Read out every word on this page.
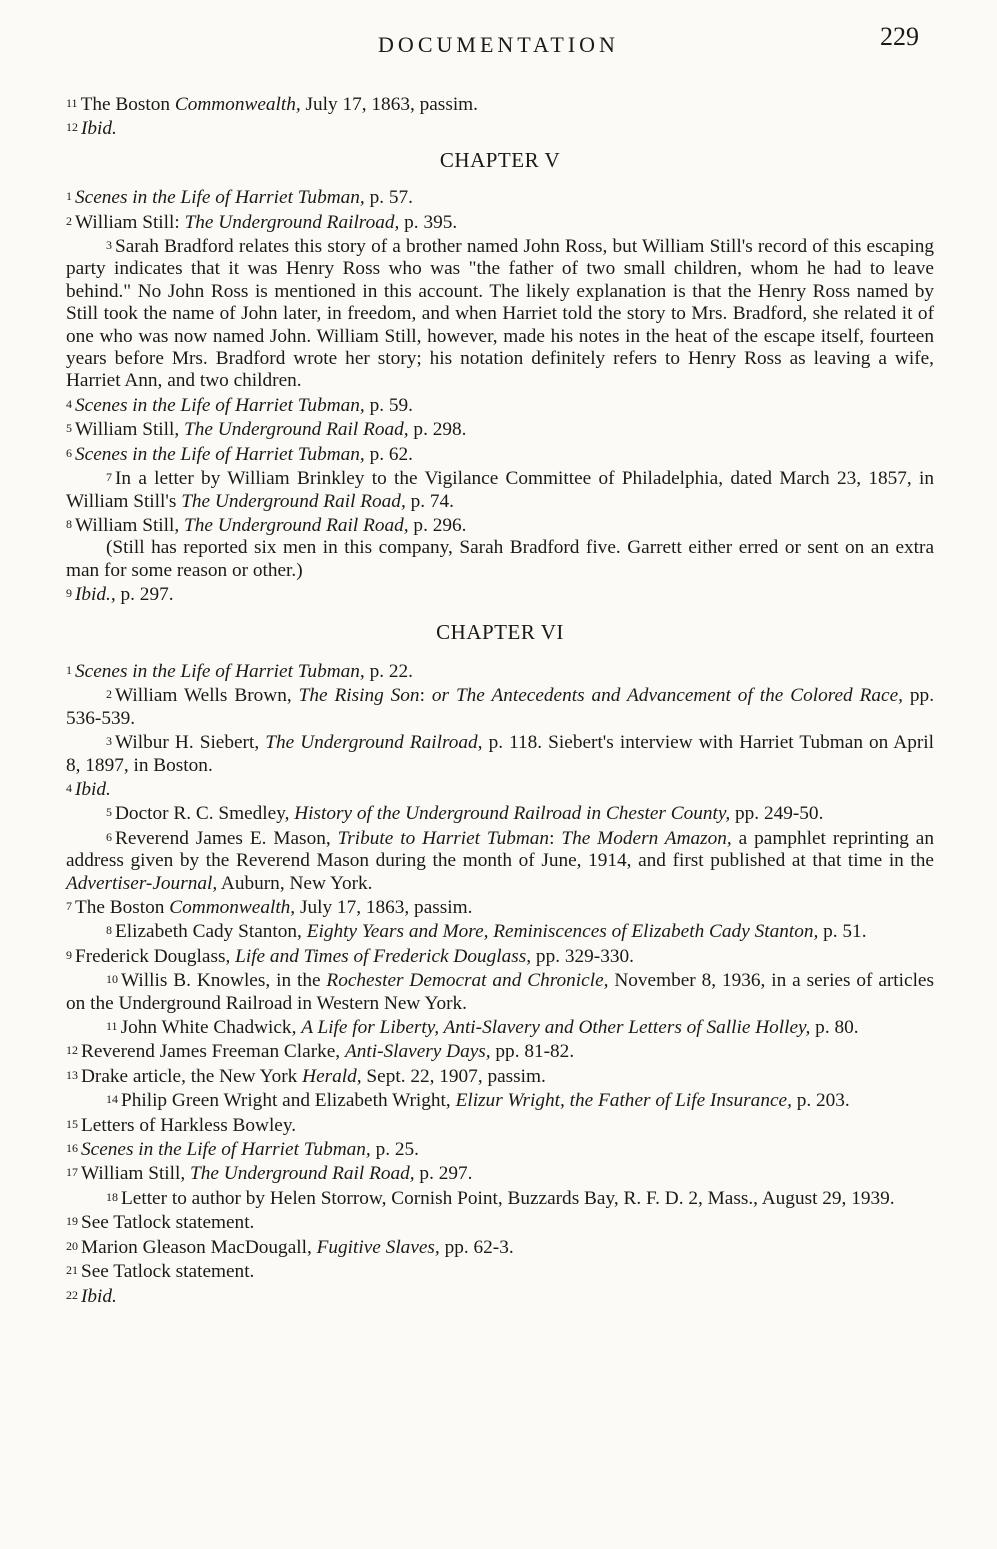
DOCUMENTATION	229

$^{11}$ The Boston Commonwealth, July 17, 1863, passim.

$^{12}$ Ibid.

CHAPTER V

$^1$ Scenes in the Life of Harriet Tubman, p. 57.

$^2$ William Still: The Underground Railroad, p. 395.

$^3$ Sarah Bradford relates this story of a brother named John Ross, but William Still's record of this escaping party indicates that it was Henry Ross who was "the father of two small children, whom he had to leave behind." No John Ross is mentioned in this account. The likely explanation is that the Henry Ross named by Still took the name of John later, in freedom, and when Harriet told the story to Mrs. Bradford, she related it of one who was now named John. William Still, however, made his notes in the heat of the escape itself, fourteen years before Mrs. Bradford wrote her story; his notation definitely refers to Henry Ross as leaving a wife, Harriet Ann, and two children.

$^4$ Scenes in the Life of Harriet Tubman, p. 59.

$^5$ William Still, The Underground Rail Road, p. 298.

$^6$ Scenes in the Life of Harriet Tubman, p. 62.

$^7$ In a letter by William Brinkley to the Vigilance Committee of Philadelphia, dated March 23, 1857, in William Still's The Underground Rail Road, p. 74.

$^8$ William Still, The Underground Rail Road, p. 296.

(Still has reported six men in this company, Sarah Bradford five. Garrett either erred or sent on an extra man for some reason or other.)

$^9$ Ibid., p. 297.

CHAPTER VI

$^1$ Scenes in the Life of Harriet Tubman, p. 22.

$^2$ William Wells Brown, The Rising Son: or The Antecedents and Advancement of the Colored Race, pp. 536-539.

$^3$ Wilbur H. Siebert, The Underground Railroad, p. 118. Siebert's interview with Harriet Tubman on April 8, 1897, in Boston.

$^4$ Ibid.

$^5$ Doctor R. C. Smedley, History of the Underground Railroad in Chester County, pp. 249-50.

$^6$ Reverend James E. Mason, Tribute to Harriet Tubman: The Modern Amazon, a pamphlet reprinting an address given by the Reverend Mason during the month of June, 1914, and first published at that time in the Advertiser-Journal, Auburn, New York.

$^7$ The Boston Commonwealth, July 17, 1863, passim.

$^8$ Elizabeth Cady Stanton, Eighty Years and More, Reminiscences of Elizabeth Cady Stanton, p. 51.

$^9$ Frederick Douglass, Life and Times of Frederick Douglass, pp. 329-330.

$^{10}$ Willis B. Knowles, in the Rochester Democrat and Chronicle, November 8, 1936, in a series of articles on the Underground Railroad in Western New York.

$^{11}$ John White Chadwick, A Life for Liberty, Anti-Slavery and Other Letters of Sallie Holley, p. 80.

$^{12}$ Reverend James Freeman Clarke, Anti-Slavery Days, pp. 81-82.

$^{13}$ Drake article, the New York Herald, Sept. 22, 1907, passim.

$^{14}$ Philip Green Wright and Elizabeth Wright, Elizur Wright, the Father of Life Insurance, p. 203.

$^{15}$ Letters of Harkless Bowley.

$^{16}$ Scenes in the Life of Harriet Tubman, p. 25.

$^{17}$ William Still, The Underground Rail Road, p. 297.

$^{18}$ Letter to author by Helen Storrow, Cornish Point, Buzzards Bay, R. F. D. 2, Mass., August 29, 1939.

$^{19}$ See Tatlock statement.

$^{20}$ Marion Gleason MacDougall, Fugitive Slaves, pp. 62-3.

$^{21}$ See Tatlock statement.

$^{22}$ Ibid.
